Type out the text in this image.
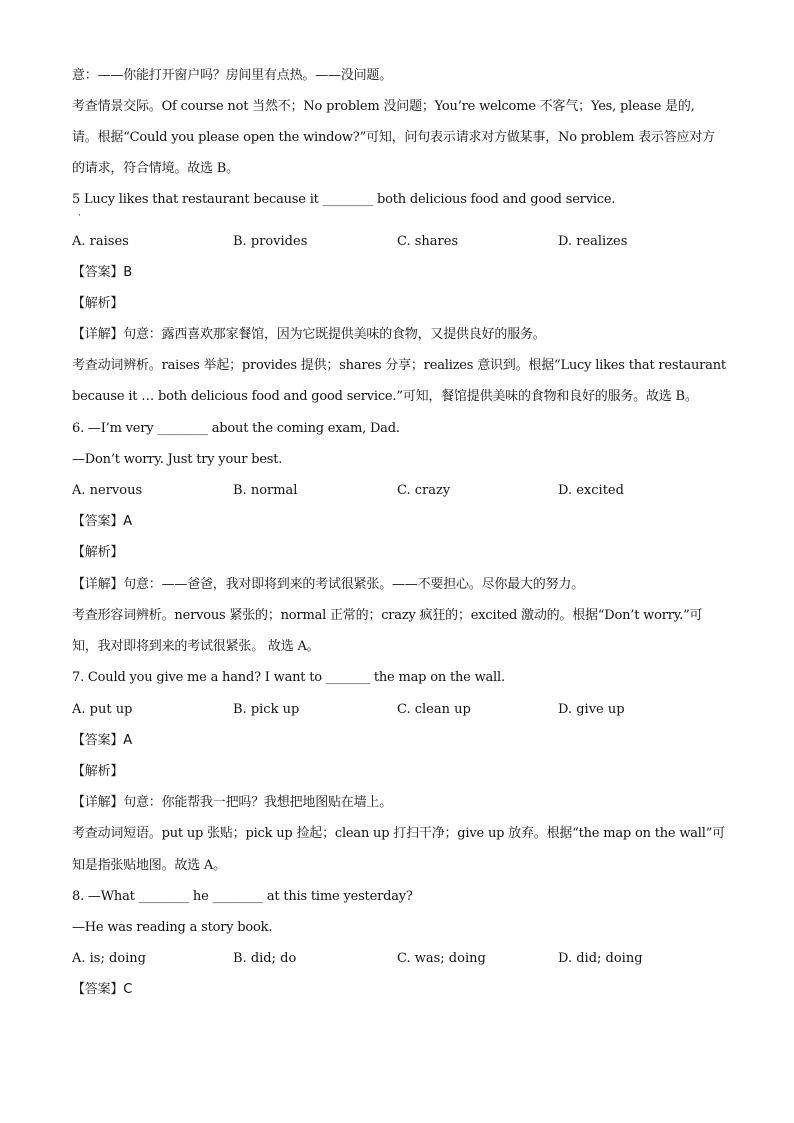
意：——你能打开窗户吗？房间里有点热。——没问题。
考查情景交际。Of course not 当然不；No problem 没问题；You’re welcome 不客气；Yes, please 是的,
请。根据“Could you please open the window?”可知，问句表示请求对方做某事，No problem 表示答应对方
的请求，符合情境。故选 B。
5 Lucy likes that restaurant because it ________ both delicious food and good service.
·
A. raises	B. provides	C. shares	D. realizes
【答案】B
【解析】
【详解】句意：露西喜欢那家餐馆，因为它既提供美味的食物，又提供良好的服务。
考查动词辨析。raises 举起；provides 提供；shares 分享；realizes 意识到。根据“Lucy likes that restaurant
because it … both delicious food and good service.”可知，餐馆提供美味的食物和良好的服务。故选 B。
6. —I’m very ________ about the coming exam, Dad.
—Don’t worry. Just try your best.
A. nervous	B. normal	C. crazy	D. excited
【答案】A
【解析】
【详解】句意：——爸爸，我对即将到来的考试很紧张。——不要担心。尽你最大的努力。
考查形容词辨析。nervous 紧张的；normal 正常的；crazy 疯狂的；excited 激动的。根据“Don’t worry.”可
知，我对即将到来的考试很紧张。 故选 A。
7. Could you give me a hand? I want to _______ the map on the wall.
A. put up	B. pick up	C. clean up	D. give up
【答案】A
【解析】
【详解】句意：你能帮我一把吗？我想把地图贴在墙上。
考查动词短语。put up 张贴；pick up 捡起；clean up 打扫干净；give up 放弃。根据“the map on the wall”可
知是指张贴地图。故选 A。
8. —What ________ he ________ at this time yesterday?
—He was reading a story book.
A. is; doing	B. did; do	C. was; doing	D. did; doing
【答案】C
